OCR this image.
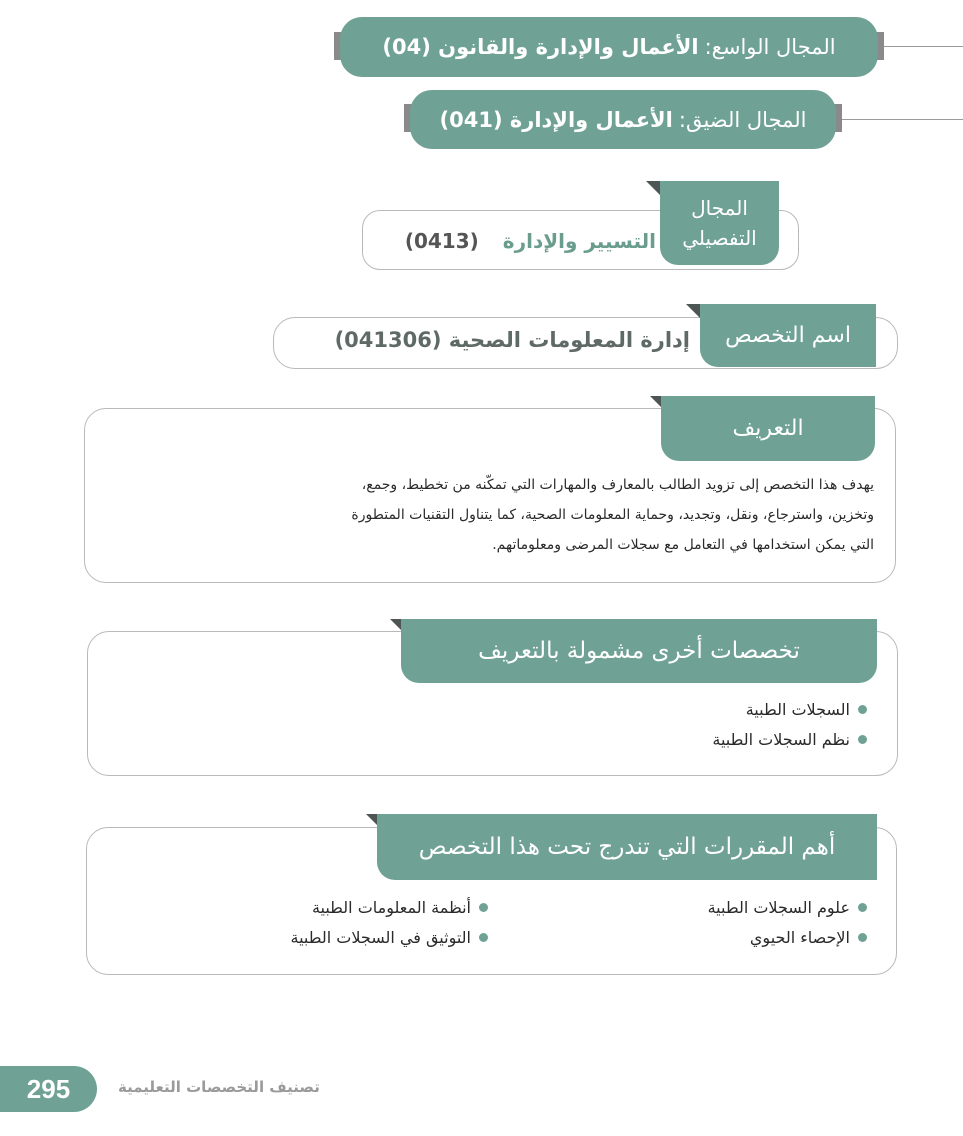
المجال الواسع:
الأعمال والإدارة والقانون (04)
المجال الضيق:
الأعمال والإدارة (041)
المجال
التفصيلي
التسيير والإدارة
(0413)
اسم التخصص
إدارة المعلومات الصحية (041306)
التعريف
يهدف هذا التخصص إلى تزويد الطالب بالمعارف والمهارات التي تمكّنه من تخطيط، وجمع،
وتخزين، واسترجاع، ونقل، وتجديد، وحماية المعلومات الصحية، كما يتناول التقنيات المتطورة
التي يمكن استخدامها في التعامل مع سجلات المرضى ومعلوماتهم.
تخصصات أخرى مشمولة بالتعريف
السجلات الطبية
نظم السجلات الطبية
أهم المقررات التي تندرج تحت هذا التخصص
علوم السجلات الطبية
الإحصاء الحيوي
أنظمة المعلومات الطبية
التوثيق في السجلات الطبية
295	تصنيف التخصصات التعليمية
